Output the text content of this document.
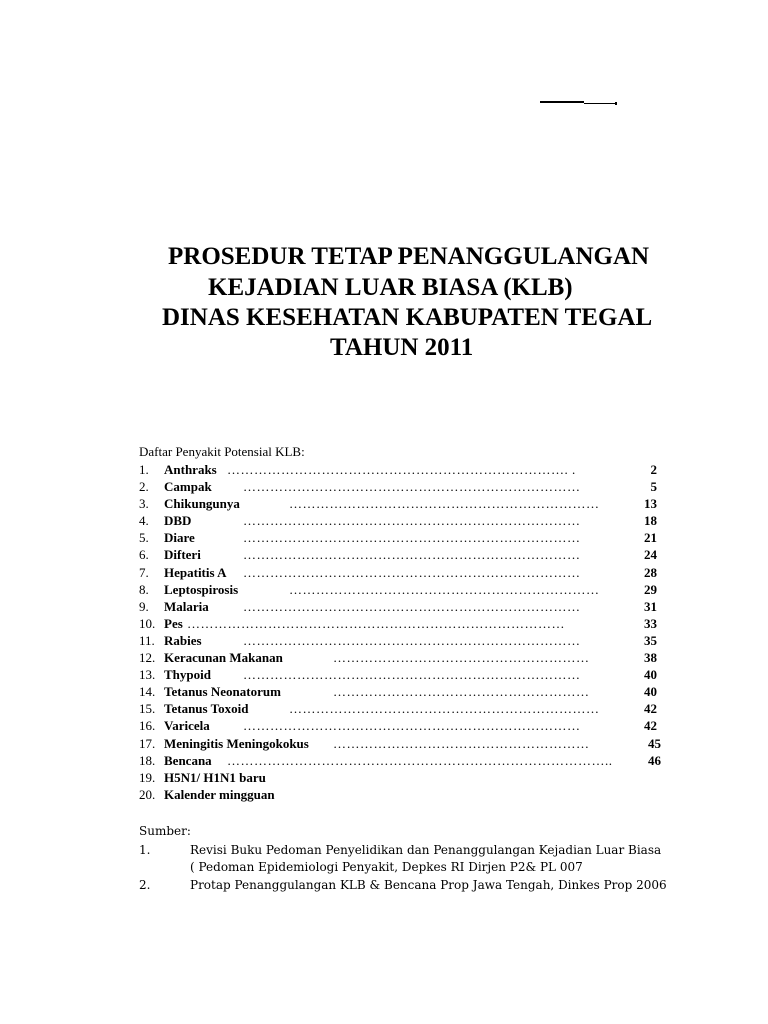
PROSEDUR TETAP PENANGGULANGAN
KEJADIAN LUAR BIASA (KLB)
DINAS KESEHATAN KABUPATEN TEGAL
TAHUN 2011
Daftar Penyakit Potensial KLB:
1. Anthraks …………………………………………………………………. .	2
2. Campak …………………………………………………………………	5
3. Chikungunya	……………………………………………………………	13
4. DBD	…………………………………………………………………	18
5. Diare	…………………………………………………………………	21
6. Difteri	…………………………………………………………………	24
7. Hepatitis A …………………………………………………………………	28
8. Leptospirosis	……………………………………………………………	29
9. Malaria	…………………………………………………………………	31
10. Pes …………………………………………………………………………	33
11. Rabies	…………………………………………………………………	35
12. Keracunan Makanan	…………………………………………………	38
13. Thypoid …………………………………………………………………	40
14. Tetanus Neonatorum	…………………………………………………	40
15. Tetanus Toxoid	……………………………………………………………	42
16. Varicela	…………………………………………………………………	42
17. Meningitis Meningokokus …………………………………………………	45
18. Bencana …………………………………………………………………………..	46
19. H5N1/ H1N1 baru
20. Kalender mingguan
Sumber:
1.	Revisi Buku Pedoman Penyelidikan dan Penanggulangan Kejadian Luar Biasa
( Pedoman Epidemiologi Penyakit, Depkes RI Dirjen P2& PL 007
2.	Protap Penanggulangan KLB & Bencana Prop Jawa Tengah, Dinkes Prop 2006
